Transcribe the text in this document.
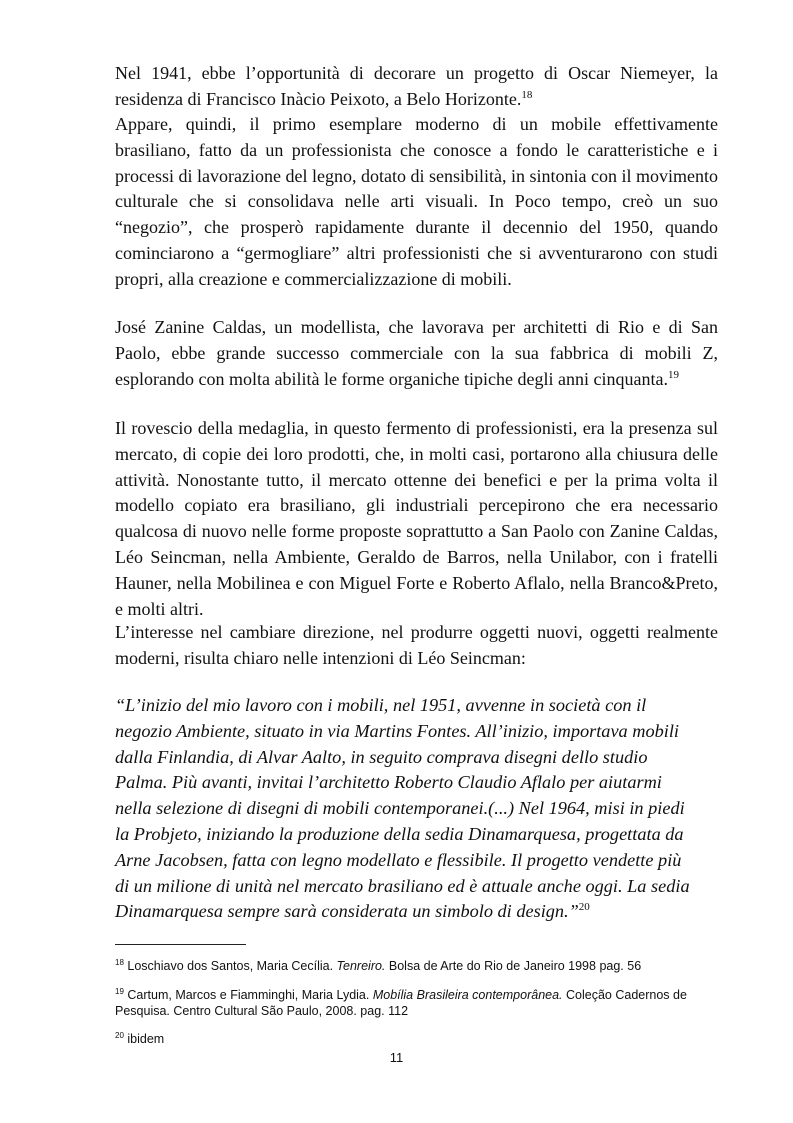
Nel 1941, ebbe l’opportunità di decorare un progetto di Oscar Niemeyer, la residenza di Francisco Inàcio Peixoto, a Belo Horizonte.$^{18}$

Appare, quindi, il primo esemplare moderno di un mobile effettivamente brasiliano, fatto da un professionista che conosce a fondo le caratteristiche e i processi di lavorazione del legno, dotato di sensibilità, in sintonia con il movimento culturale che si consolidava nelle arti visuali. In Poco tempo, creò un suo “negozio”, che prosperò rapidamente durante il decennio del 1950, quando cominciarono a “germogliare” altri professionisti che si avventurarono con studi propri, alla creazione e commercializzazione di mobili.

José Zanine Caldas, un modellista, che lavorava per architetti di Rio e di San Paolo, ebbe grande successo commerciale con la sua fabbrica di mobili Z, esplorando con molta abilità le forme organiche tipiche degli anni cinquanta.$^{19}$

Il rovescio della medaglia, in questo fermento di professionisti, era la presenza sul mercato, di copie dei loro prodotti, che, in molti casi, portarono alla chiusura delle attività. Nonostante tutto, il mercato ottenne dei benefici e per la prima volta il modello copiato era brasiliano, gli industriali percepirono che era necessario qualcosa di nuovo nelle forme proposte soprattutto a San Paolo con Zanine Caldas, Léo Seincman, nella Ambiente, Geraldo de Barros, nella Unilabor, con i fratelli Hauner, nella Mobilinea e con Miguel Forte e Roberto Aflalo, nella Branco&Preto, e molti altri.

L’interesse nel cambiare direzione, nel produrre oggetti nuovi, oggetti realmente moderni, risulta chiaro nelle intenzioni di Léo Seincman:

“L’inizio del mio lavoro con i mobili, nel 1951, avvenne in società con il
negozio Ambiente, situato in via Martins Fontes. All’inizio, importava mobili
dalla Finlandia, di Alvar Aalto, in seguito comprava disegni dello studio
Palma. Più avanti, invitai l’architetto Roberto Claudio Aflalo per aiutarmi
nella selezione di disegni di mobili contemporanei.(...) Nel 1964, misi in piedi
la Probjeto, iniziando la produzione della sedia Dinamarquesa, progettata da
Arne Jacobsen, fatta con legno modellato e flessibile. Il progetto vendette più
di un milione di unità nel mercato brasiliano ed è attuale anche oggi. La sedia
Dinamarquesa sempre sarà considerata un simbolo di design.”$^{20}$

$^{18}$ Loschiavo dos Santos, Maria Cecília. Tenreiro. Bolsa de Arte do Rio de Janeiro 1998 pag. 56

$^{19}$ Cartum, Marcos e Fiamminghi, Maria Lydia. Mobília Brasileira contemporânea. Coleção Cadernos de Pesquisa. Centro Cultural São Paulo, 2008. pag. 112

$^{20}$ ibidem

11
